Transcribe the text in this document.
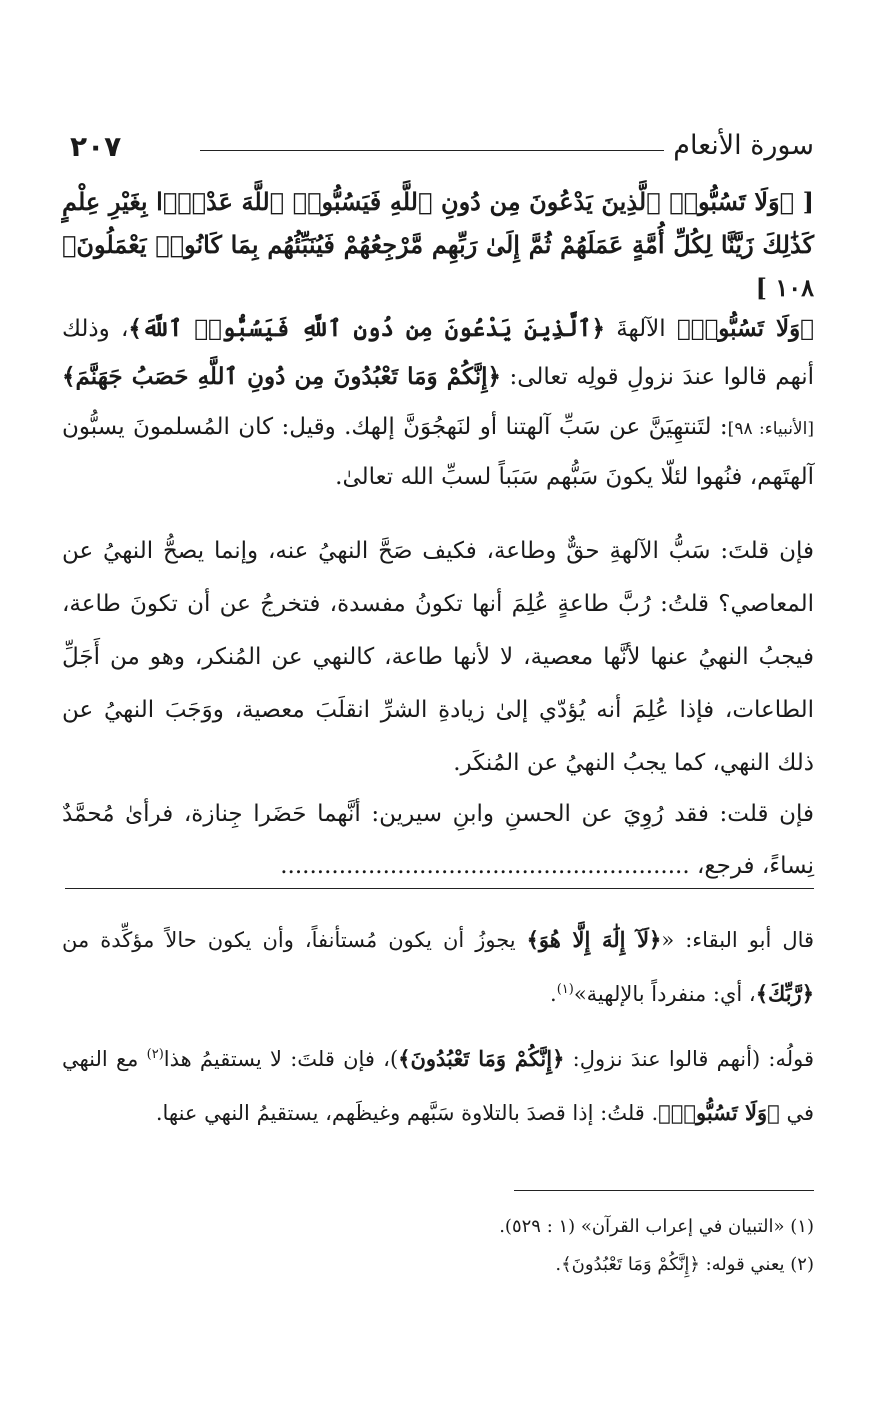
٢٠٧	سورة الأنعام
[ ﴿وَلَا تَسُبُّوا۟ ٱلَّذِينَ يَدْعُونَ مِن دُونِ ٱللَّهِ فَيَسُبُّوا۟ ٱللَّهَ عَدْوًۢا بِغَيْرِ عِلْمٍ كَذَٰلِكَ زَيَّنَّا لِكُلِّ أُمَّةٍ عَمَلَهُمْ ثُمَّ إِلَىٰ رَبِّهِم مَّرْجِعُهُمْ فَيُنَبِّئُهُم بِمَا كَانُوا۟ يَعْمَلُونَ﴾ ١٠٨ ]
﴿وَلَا تَسُبُّوا۟﴾ الآلهةَ ﴿ٱلَّذِينَ يَدْعُونَ مِن دُونِ ٱللَّهِ فَيَسُبُّوا۟ ٱللَّهَ﴾، وذلك أنهم قالوا عندَ نزولِ قولِه تعالى: ﴿إِنَّكُمْ وَمَا تَعْبُدُونَ مِن دُونِ ٱللَّهِ حَصَبُ جَهَنَّمَ﴾ [الأنبياء: ٩٨]: لتَنتهِيَنَّ عن سَبِّ آلهتنا أو لنَهجُوَنَّ إلهك. وقيل: كان المُسلمونَ يسبُّون آلهتَهم، فنُهوا لئلّا يكونَ سَبُّهم سَبَباً لسبِّ الله تعالىٰ.
فإن قلتَ: سَبُّ الآلهةِ حقٌّ وطاعة، فكيف صَحَّ النهيُ عنه، وإنما يصحُّ النهيُ عن المعاصي؟ قلتُ: رُبَّ طاعةٍ عُلِمَ أنها تكونُ مفسدة، فتخرجُ عن أن تكونَ طاعة، فيجبُ النهيُ عنها لأنَّها معصية، لا لأنها طاعة، كالنهي عن المُنكر، وهو من أَجَلِّ الطاعات، فإذا عُلِمَ أنه يُؤدّي إلىٰ زيادةِ الشرِّ انقلَبَ معصية، ووَجَبَ النهيُ عن ذلك النهي، كما يجبُ النهيُ عن المُنكَر.
فإن قلت: فقد رُوِيَ عن الحسنِ وابنِ سيرين: أنَّهما حَضَرا جِنازة، فرأىٰ مُحمَّدٌ نِساءً، فرجع، ........................................................
قال أبو البقاء: «﴿لَآ إِلَٰهَ إِلَّا هُوَ﴾ يجوزُ أن يكون مُستأنفاً، وأن يكون حالاً مؤكِّدة من ﴿رَّبِّكَ﴾، أي: منفرداً بالإلهية»$^{(١)}$.
قولُه: (أنهم قالوا عندَ نزولِ: ﴿إِنَّكُمْ وَمَا تَعْبُدُونَ﴾)، فإن قلتَ: لا يستقيمُ هذا$^{(٢)}$ مع النهي في ﴿وَلَا تَسُبُّوا۟﴾. قلتُ: إذا قصدَ بالتلاوة سَبَّهم وغيظَهم، يستقيمُ النهي عنها.
(١) «التبيان في إعراب القرآن» (١ : ٥٢٩).
(٢) يعني قوله: ﴿إِنَّكُمْ وَمَا تَعْبُدُونَ﴾.
